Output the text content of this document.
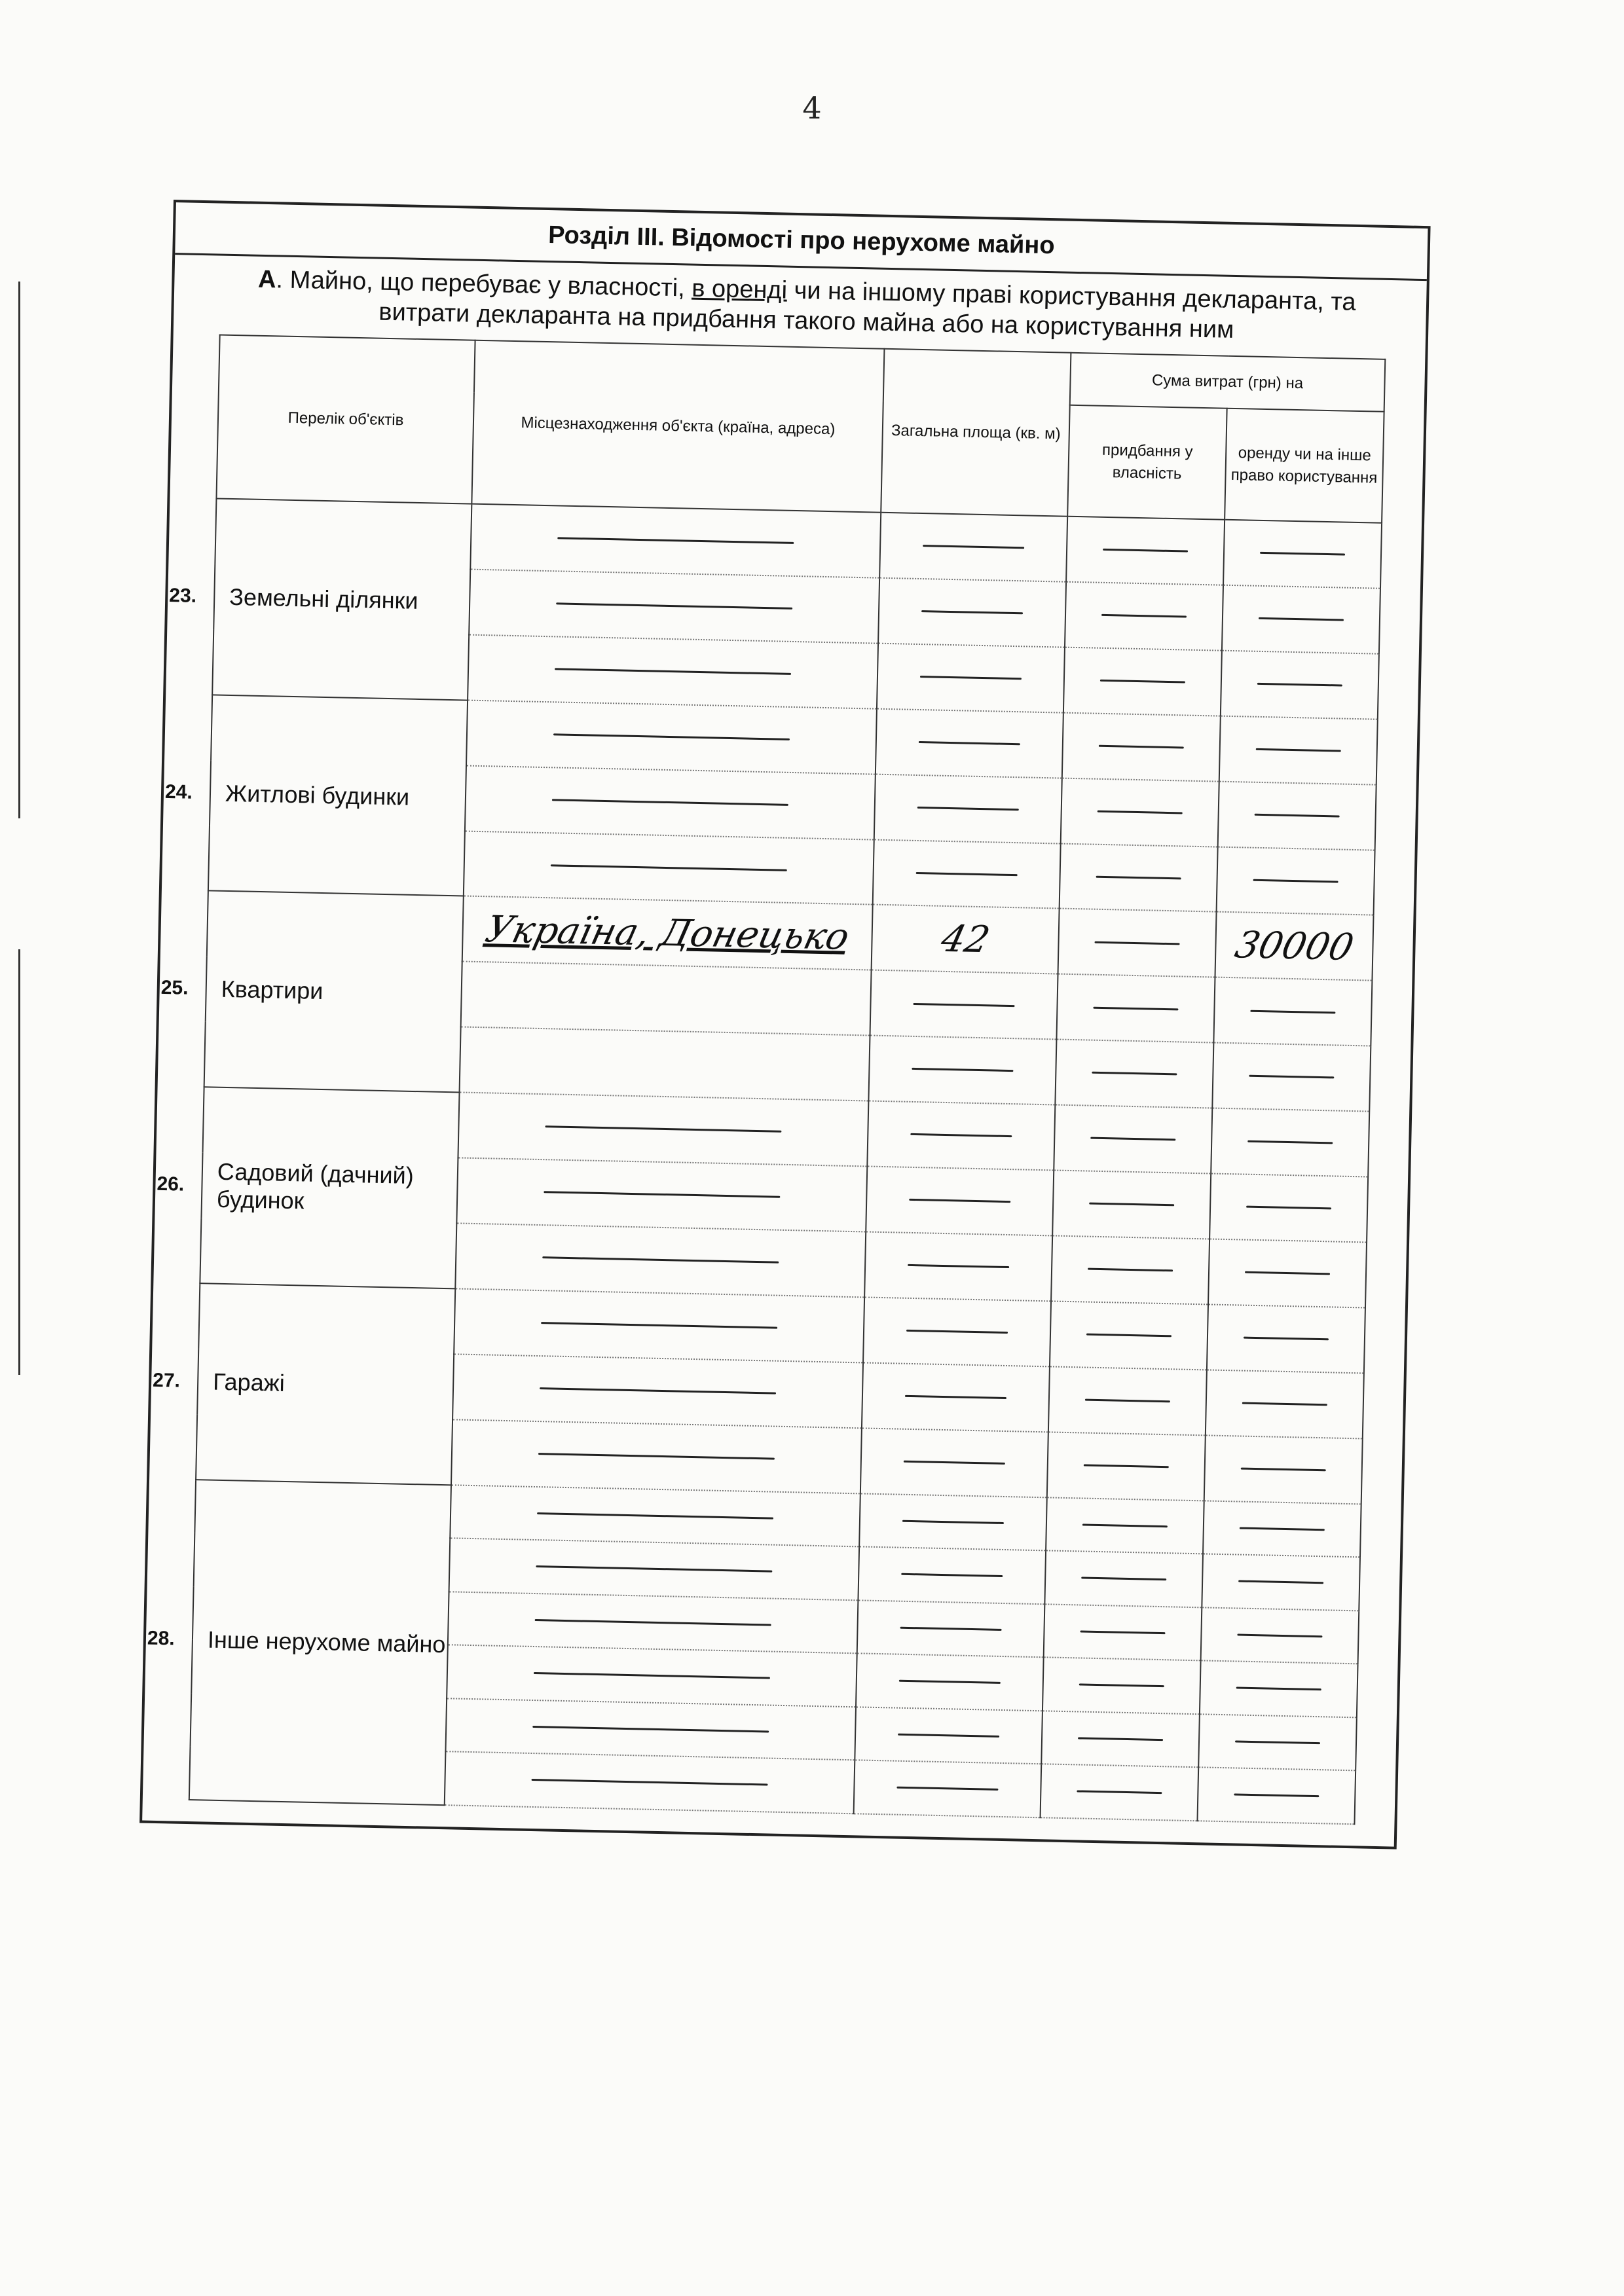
4
Розділ III. Відомості про нерухоме майно
А. Майно, що перебуває у власності, в оренді чи на іншому праві користування декларанта, та витрати декларанта на придбання такого майна або на користування ним
Перелік об'єктів	Місцезнаходження об'єкта (країна, адреса)	Загальна площа (кв. м)	Сума витрат (грн) на	
			придбання у власність	оренду чи на інше право користування

23. Земельні ділянки				

24. Житлові будинки				

25. Квартири	Україна, Донецько	42		30000

26. Садовий (дачний) будинок				

27. Гаражі				

28. Інше нерухоме майно				
